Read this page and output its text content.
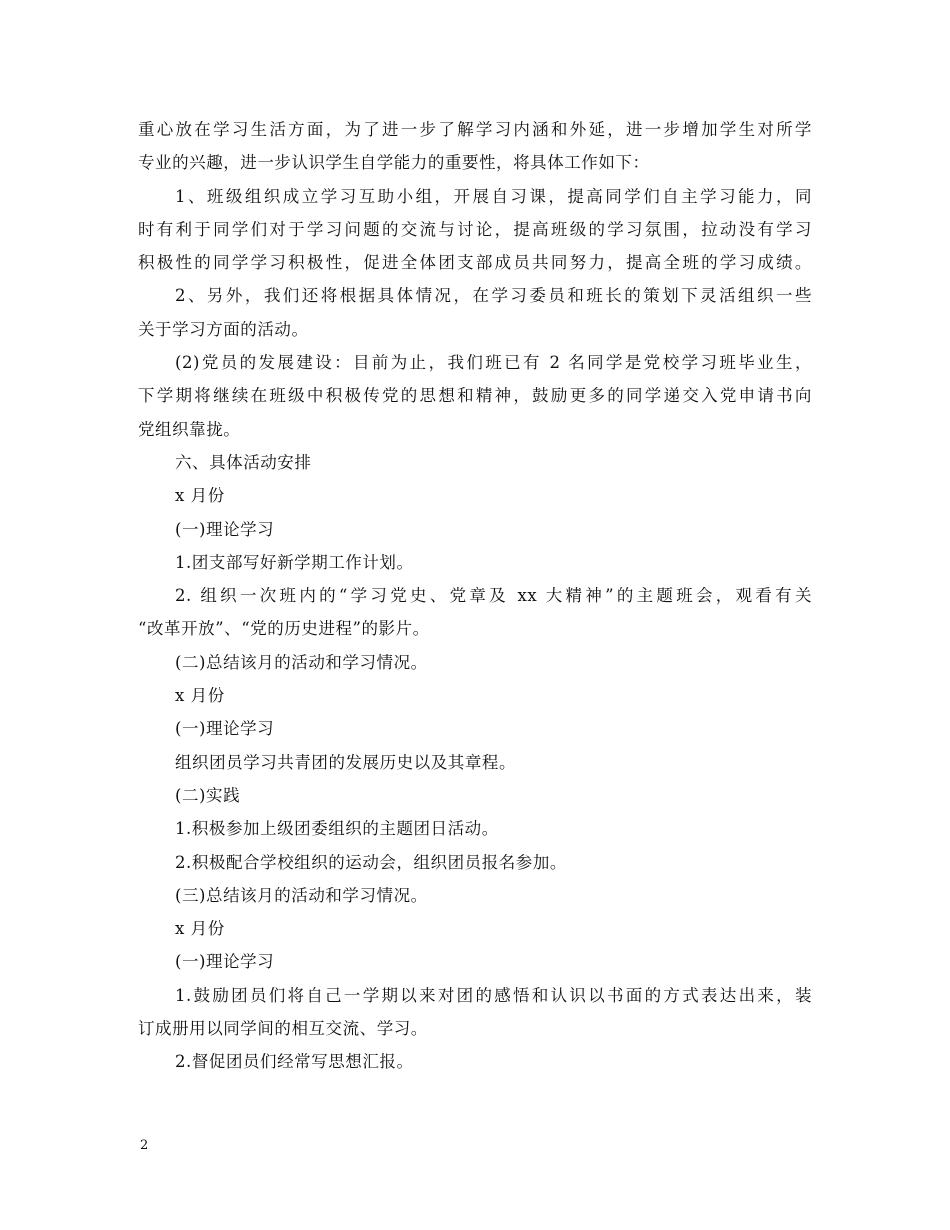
重心放在学习生活方面，为了进一步了解学习内涵和外延，进一步增加学生对所学
专业的兴趣，进一步认识学生自学能力的重要性，将具体工作如下：
1、班级组织成立学习互助小组，开展自习课，提高同学们自主学习能力，同
时有利于同学们对于学习问题的交流与讨论，提高班级的学习氛围，拉动没有学习
积极性的同学学习积极性，促进全体团支部成员共同努力，提高全班的学习成绩。
2、另外，我们还将根据具体情况，在学习委员和班长的策划下灵活组织一些
关于学习方面的活动。
(2)党员的发展建设：目前为止，我们班已有 2 名同学是党校学习班毕业生，
下学期将继续在班级中积极传党的思想和精神，鼓励更多的同学递交入党申请书向
党组织靠拢。
六、具体活动安排
x 月份
(一)理论学习
1.团支部写好新学期工作计划。
2. 组织一次班内的“学习党史、党章及 xx 大精神”的主题班会，观看有关
“改革开放”、“党的历史进程”的影片。
(二)总结该月的活动和学习情况。
x 月份
(一)理论学习
组织团员学习共青团的发展历史以及其章程。
(二)实践
1.积极参加上级团委组织的主题团日活动。
2.积极配合学校组织的运动会，组织团员报名参加。
(三)总结该月的活动和学习情况。
x 月份
(一)理论学习
1.鼓励团员们将自己一学期以来对团的感悟和认识以书面的方式表达出来，装
订成册用以同学间的相互交流、学习。
2.督促团员们经常写思想汇报。
2
